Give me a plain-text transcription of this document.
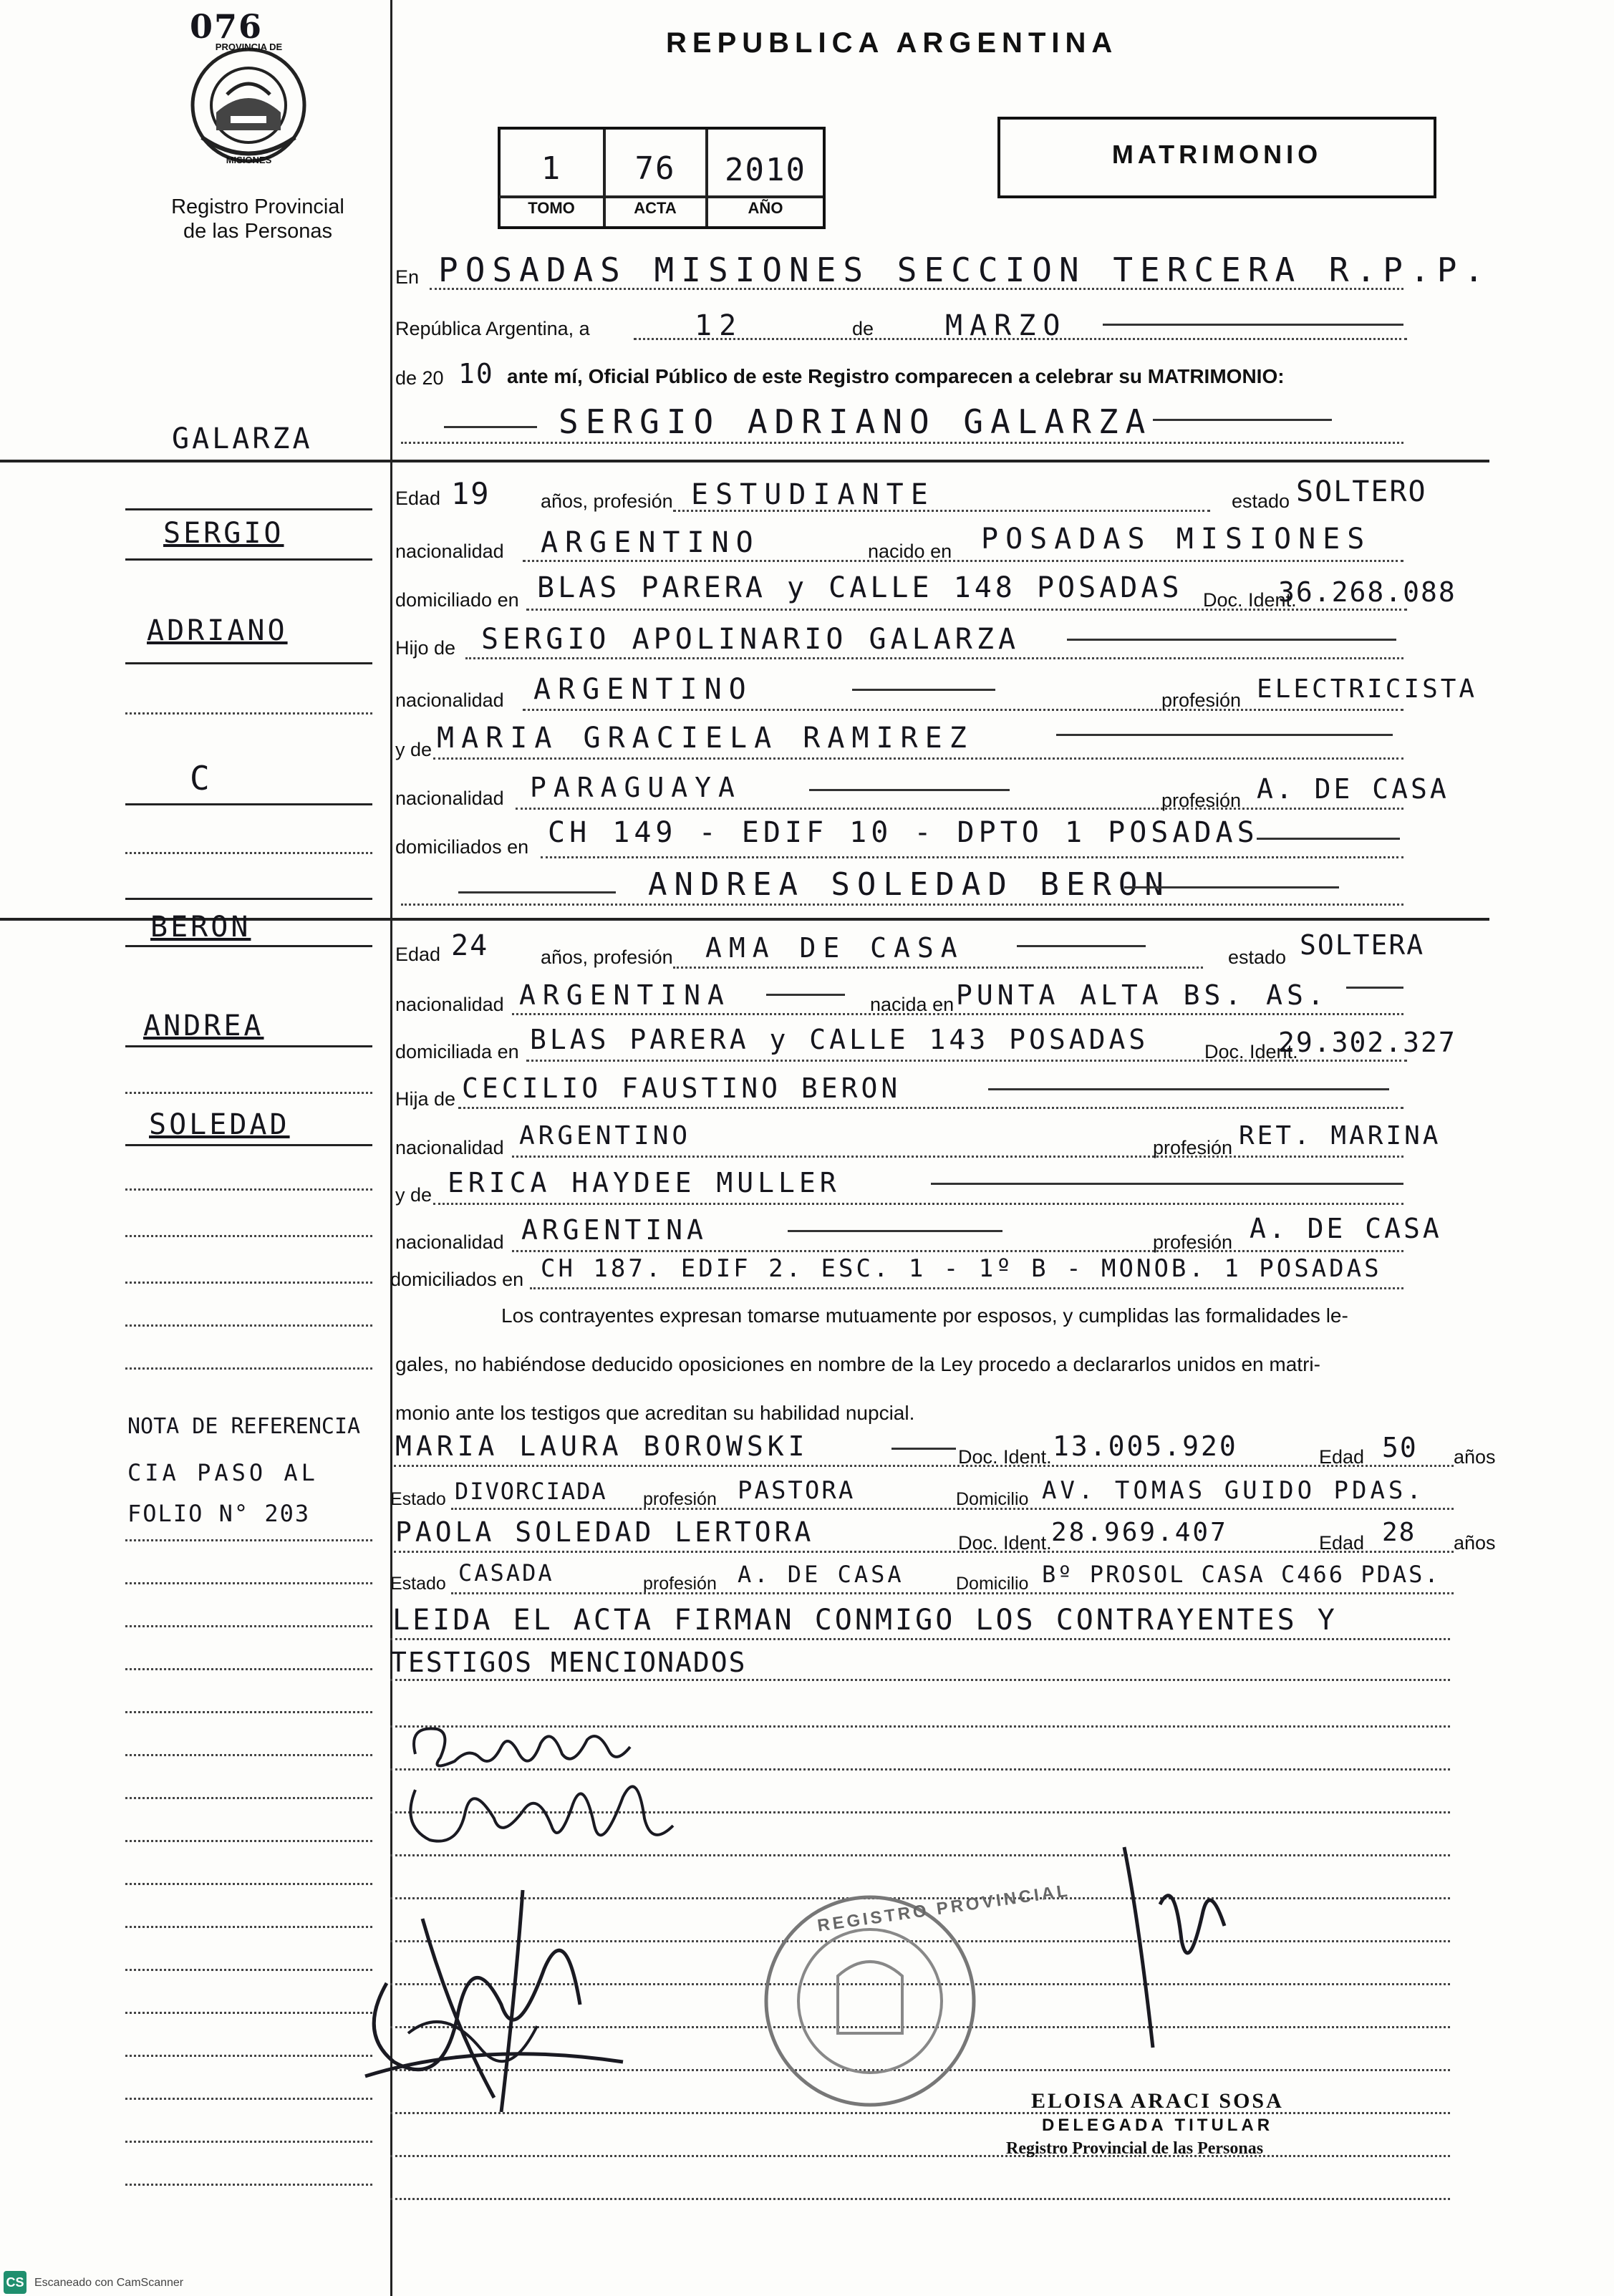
076
PROVINCIA DE
MISIONES
Registro Provincial
de las Personas
REPUBLICA ARGENTINA
MATRIMONIO
1	76	2010
TOMO	ACTA	AÑO
En POSADAS MISIONES SECCION TERCERA R.P.P.
República Argentina, a	12	de MARZO
de 20 10 ante mí, Oficial Público de este Registro comparecen a celebrar su MATRIMONIO:
SERGIO ADRIANO GALARZA
Edad 19	años, profesión ESTUDIANTE	estado SOLTERO
nacionalidad ARGENTINO	nacido en POSADAS MISIONES
domiciliado en BLAS PARERA y CALLE 148 POSADAS Doc. Ident.
36.268.088
Hijo de SERGIO APOLINARIO GALARZA
nacionalidad ARGENTINO	profesión ELECTRICISTA
y de MARIA GRACIELA RAMIREZ
nacionalidad PARAGUAYA	profesión A. DE CASA
domiciliados en CH 149 - EDIF 10 - DPTO 1 POSADAS
ANDREA SOLEDAD BERON
Edad 24	años, profesión AMA DE CASA	estado SOLTERA
nacionalidad ARGENTINA	nacida en PUNTA ALTA BS. AS.
domiciliada en BLAS PARERA y CALLE 143 POSADAS	Doc. Ident.
29.302.327
Hija de CECILIO FAUSTINO BERON
nacionalidad ARGENTINO	profesión RET. MARINA
y de ERICA HAYDEE MULLER
nacionalidad ARGENTINA	profesión A. DE CASA
domiciliados en CH 187. EDIF 2. ESC. 1 - 1º B - MONOB. 1 POSADAS
Los contrayentes expresan tomarse mutuamente por esposos, y cumplidas las formalidades le-
gales, no habiéndose deducido oposiciones en nombre de la Ley procedo a declararlos unidos en matri-
monio ante los testigos que acreditan su habilidad nupcial.
MARIA LAURA BOROWSKI	Doc. Ident. 13.005.920	Edad 50 años
Estado DIVORCIADA profesión PASTORA	Domicilio AV. TOMAS GUIDO PDAS.
PAOLA SOLEDAD LERTORA	Doc. Ident. 28.969.407	Edad 28 años
Estado CASADA	profesión A. DE CASA	Domicilio Bº PROSOL CASA C466 PDAS.
LEIDA EL ACTA FIRMAN CONMIGO LOS CONTRAYENTES Y
TESTIGOS MENCIONADOS
GALARZA
SERGIO
ADRIANO
C
BERON
ANDREA
SOLEDAD
NOTA DE REFERENCIA
CIA PASO AL
FOLIO N° 203
REGISTRO PROVINCIAL
ELOISA ARACI SOSA
DELEGADA TITULAR
Registro Provincial de las Personas
CS Escaneado con CamScanner
